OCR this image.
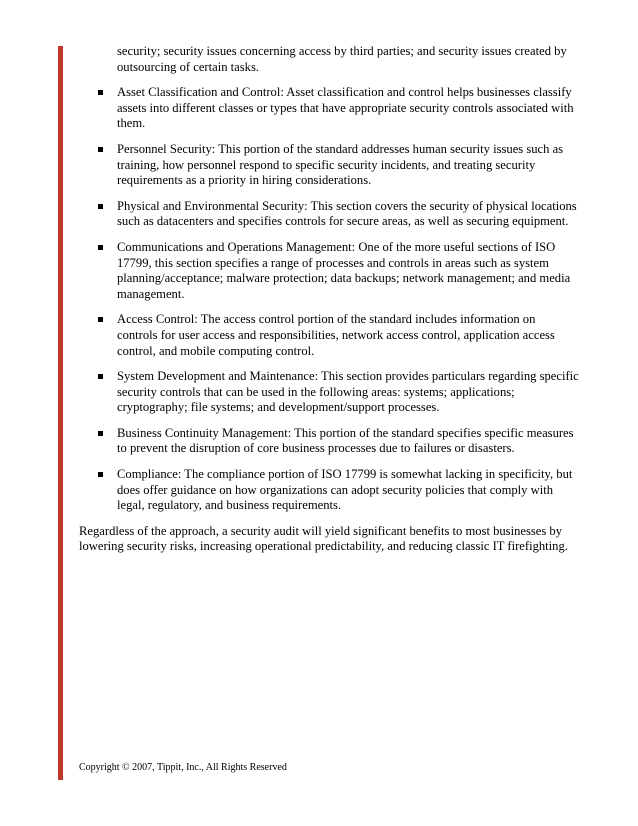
security; security issues concerning access by third parties; and security issues created by outsourcing of certain tasks.

Asset Classification and Control: Asset classification and control helps businesses classify assets into different classes or types that have appropriate security controls associated with them.
Personnel Security: This portion of the standard addresses human security issues such as training, how personnel respond to specific security incidents, and treating security requirements as a priority in hiring considerations.
Physical and Environmental Security: This section covers the security of physical locations such as datacenters and specifies controls for secure areas, as well as securing equipment.
Communications and Operations Management: One of the more useful sections of ISO 17799, this section specifies a range of processes and controls in areas such as system planning/acceptance; malware protection; data backups; network management; and media management.
Access Control: The access control portion of the standard includes information on controls for user access and responsibilities, network access control, application access control, and mobile computing control.
System Development and Maintenance: This section provides particulars regarding specific security controls that can be used in the following areas: systems; applications; cryptography; file systems; and development/support processes.
Business Continuity Management: This portion of the standard specifies specific measures to prevent the disruption of core business processes due to failures or disasters.
Compliance: The compliance portion of ISO 17799 is somewhat lacking in specificity, but does offer guidance on how organizations can adopt security policies that comply with legal, regulatory, and business requirements.

Regardless of the approach, a security audit will yield significant benefits to most businesses by lowering security risks, increasing operational predictability, and reducing classic IT firefighting.

Copyright © 2007, Tippit, Inc., All Rights Reserved
